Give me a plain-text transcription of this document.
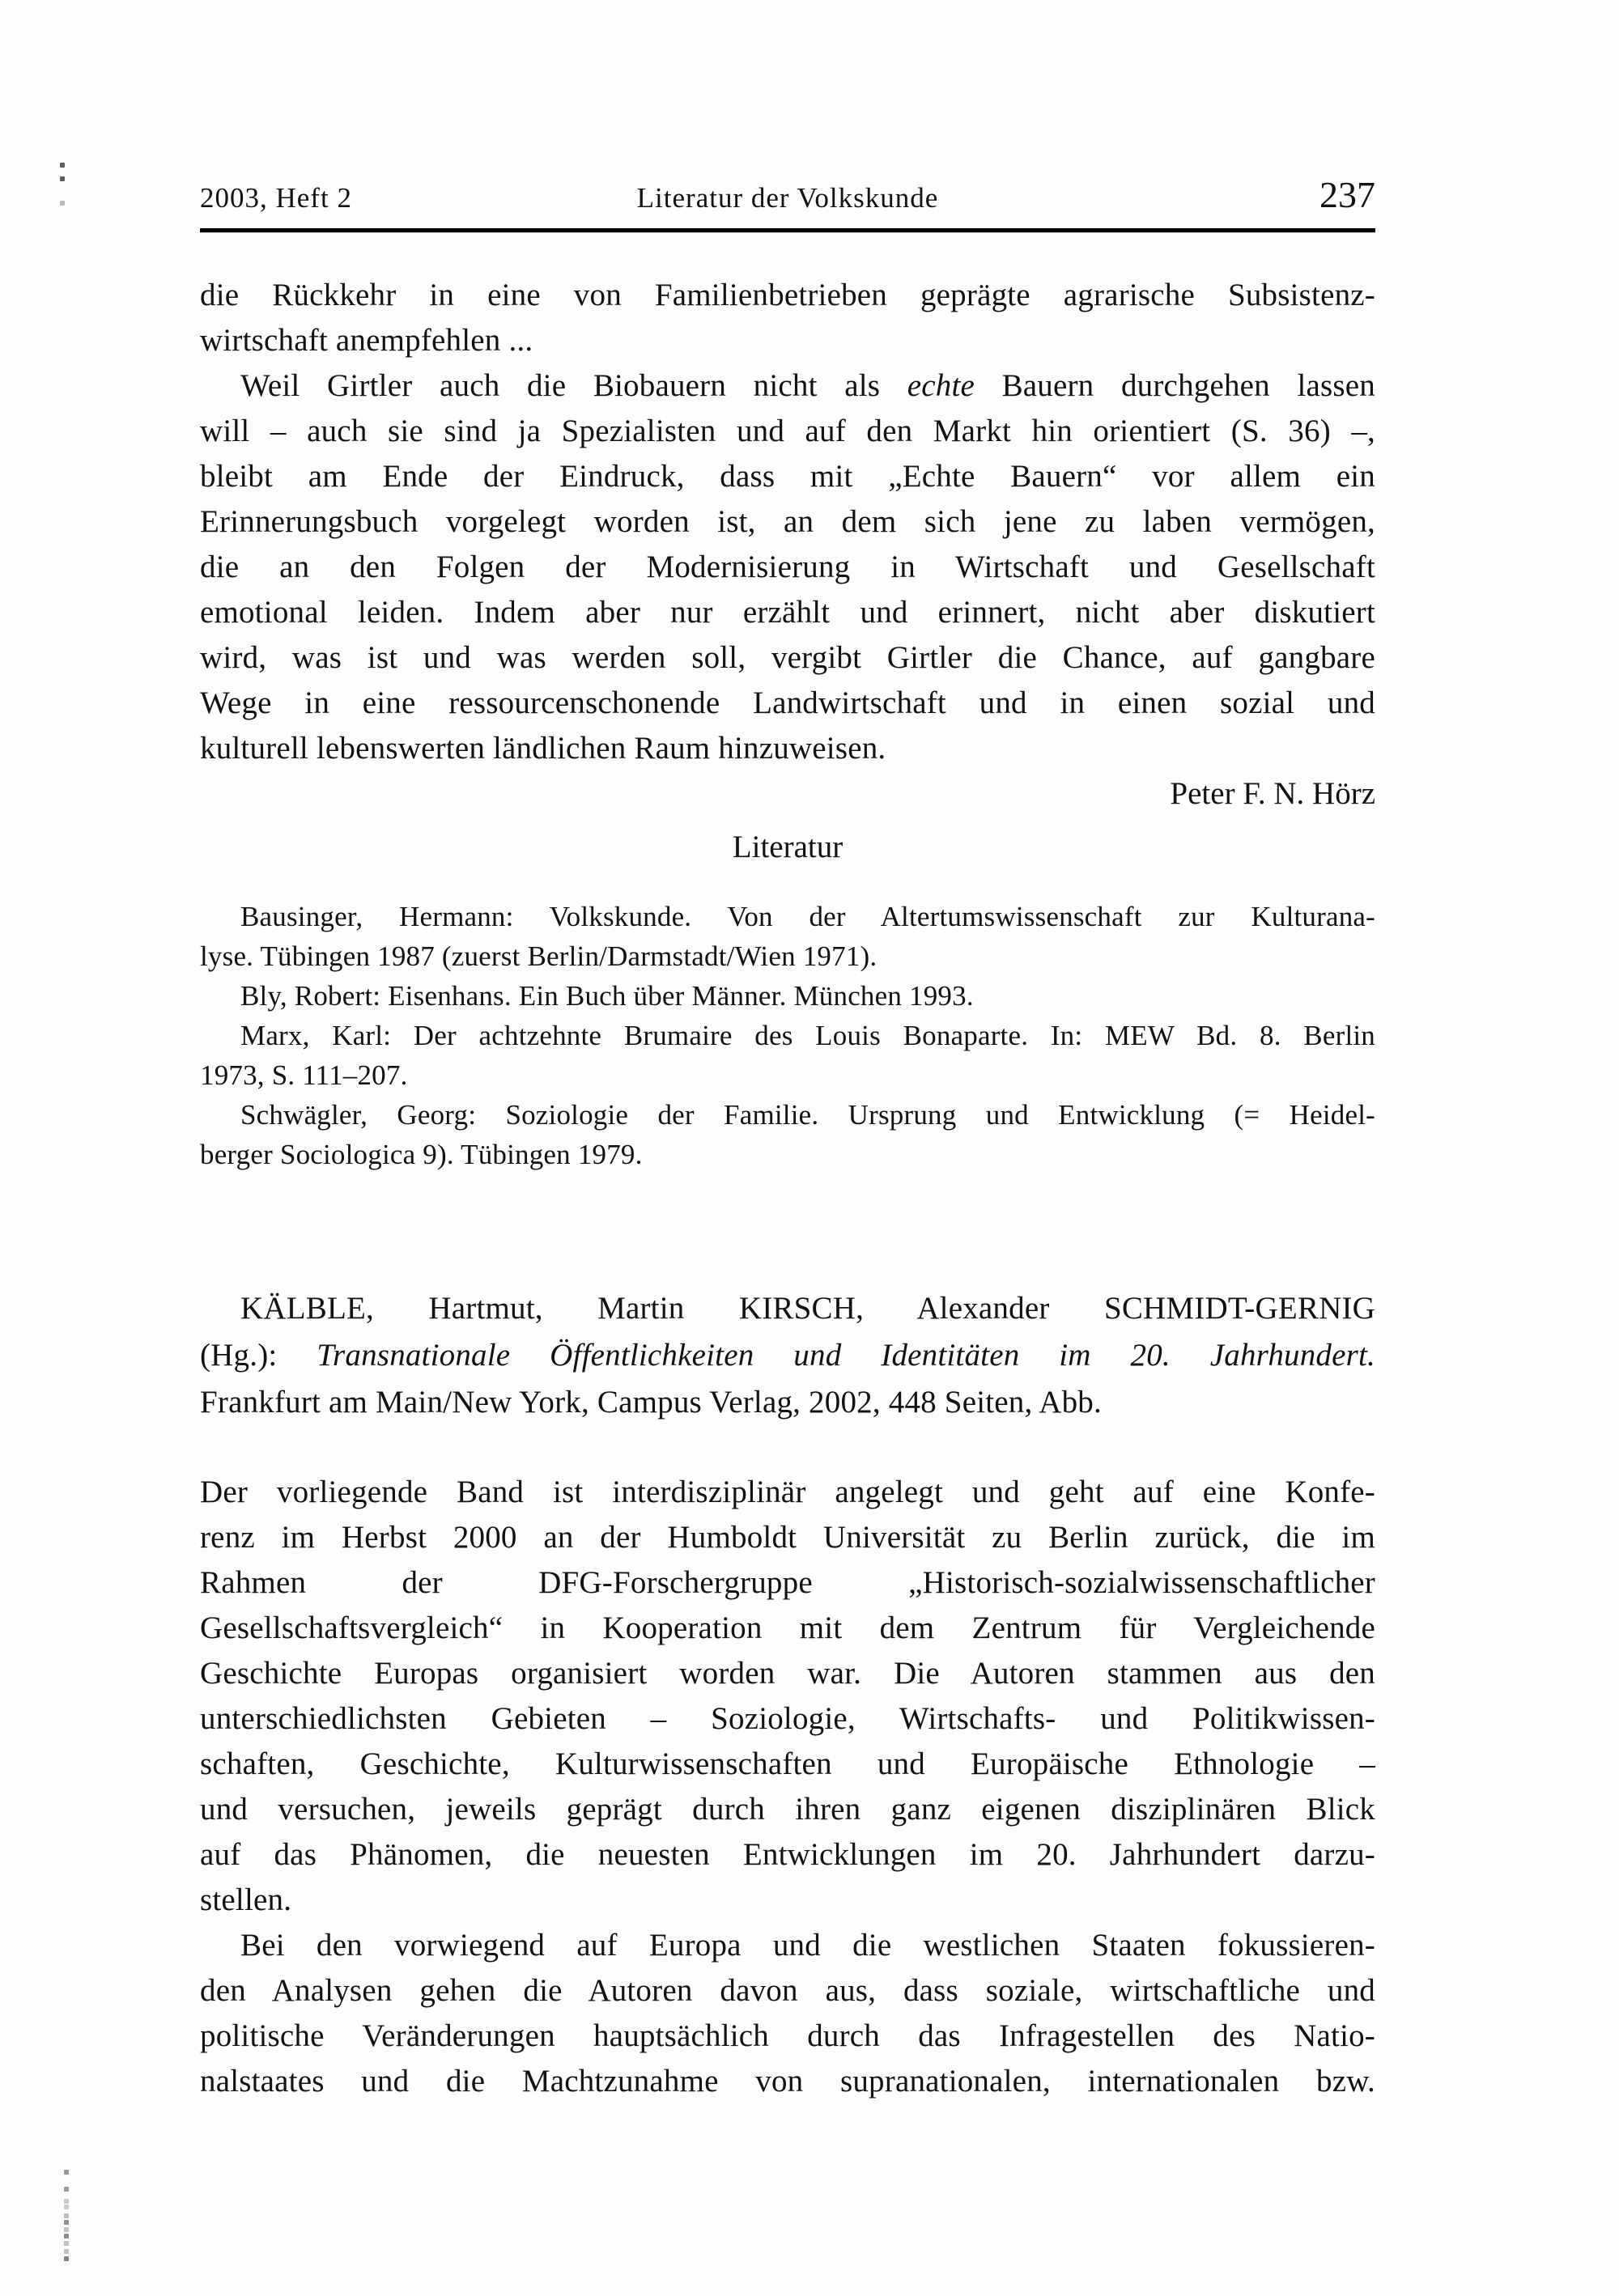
2003, Heft 2	Literatur der Volkskunde	237
die Rückkehr in eine von Familienbetrieben geprägte agrarische Subsistenz-
wirtschaft anempfehlen ...
Weil Girtler auch die Biobauern nicht als echte Bauern durchgehen lassen
will – auch sie sind ja Spezialisten und auf den Markt hin orientiert (S. 36) –,
bleibt am Ende der Eindruck, dass mit „Echte Bauern“ vor allem ein
Erinnerungsbuch vorgelegt worden ist, an dem sich jene zu laben vermögen,
die an den Folgen der Modernisierung in Wirtschaft und Gesellschaft
emotional leiden. Indem aber nur erzählt und erinnert, nicht aber diskutiert
wird, was ist und was werden soll, vergibt Girtler die Chance, auf gangbare
Wege in eine ressourcenschonende Landwirtschaft und in einen sozial und
kulturell lebenswerten ländlichen Raum hinzuweisen.
Peter F. N. Hörz
Literatur
Bausinger, Hermann: Volkskunde. Von der Altertumswissenschaft zur Kulturana-
lyse. Tübingen 1987 (zuerst Berlin/Darmstadt/Wien 1971).
Bly, Robert: Eisenhans. Ein Buch über Männer. München 1993.
Marx, Karl: Der achtzehnte Brumaire des Louis Bonaparte. In: MEW Bd. 8. Berlin
1973, S. 111–207.
Schwägler, Georg: Soziologie der Familie. Ursprung und Entwicklung (= Heidel-
berger Sociologica 9). Tübingen 1979.
KÄLBLE, Hartmut, Martin KIRSCH, Alexander SCHMIDT-GERNIG
(Hg.): Transnationale Öffentlichkeiten und Identitäten im 20. Jahrhundert.
Frankfurt am Main/New York, Campus Verlag, 2002, 448 Seiten, Abb.
Der vorliegende Band ist interdisziplinär angelegt und geht auf eine Konfe-
renz im Herbst 2000 an der Humboldt Universität zu Berlin zurück, die im
Rahmen der DFG-Forschergruppe „Historisch-sozialwissenschaftlicher
Gesellschaftsvergleich“ in Kooperation mit dem Zentrum für Vergleichende
Geschichte Europas organisiert worden war. Die Autoren stammen aus den
unterschiedlichsten Gebieten – Soziologie, Wirtschafts- und Politikwissen-
schaften, Geschichte, Kulturwissenschaften und Europäische Ethnologie –
und versuchen, jeweils geprägt durch ihren ganz eigenen disziplinären Blick
auf das Phänomen, die neuesten Entwicklungen im 20. Jahrhundert darzu-
stellen.
Bei den vorwiegend auf Europa und die westlichen Staaten fokussieren-
den Analysen gehen die Autoren davon aus, dass soziale, wirtschaftliche und
politische Veränderungen hauptsächlich durch das Infragestellen des Natio-
nalstaates und die Machtzunahme von supranationalen, internationalen bzw.
